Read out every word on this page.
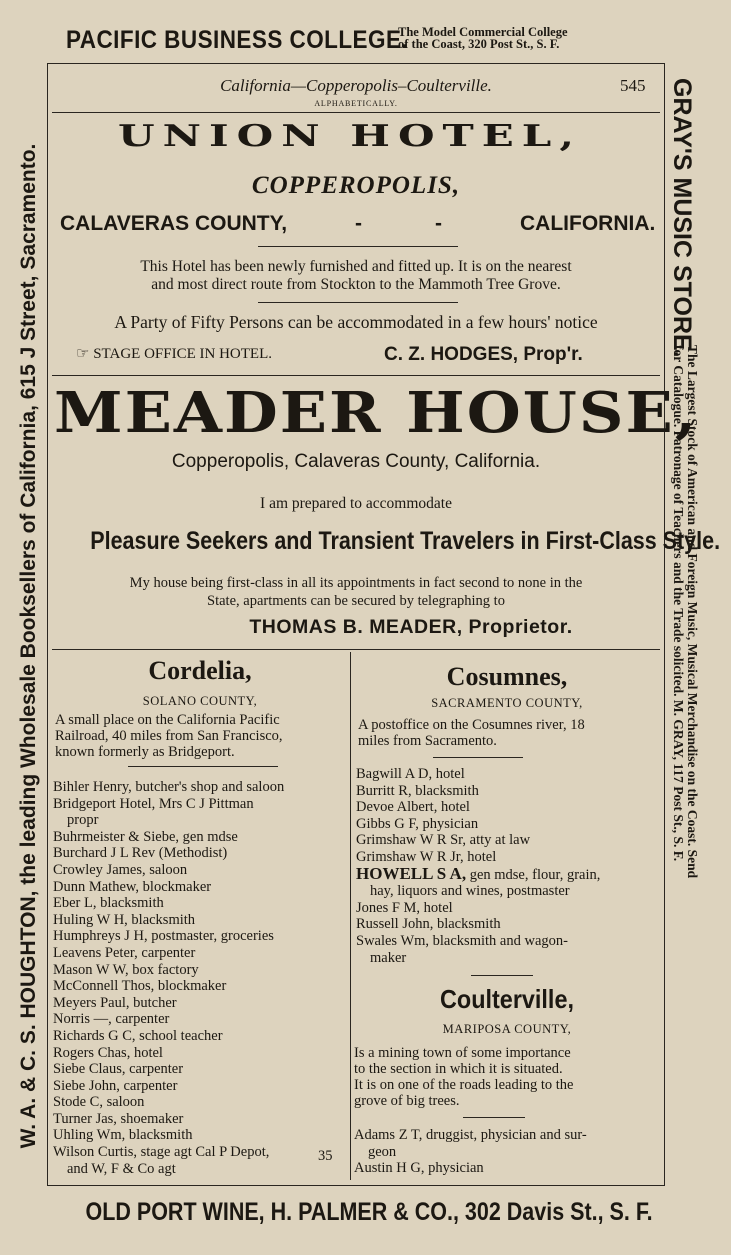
PACIFIC BUSINESS COLLEGE.
The Model Commercial College
of the Coast, 320 Post St., S. F.
W. A. & C. S. HOUGHTON, the leading Wholesale Booksellers of California, 615 J Street, Sacramento.	GRAY'S MUSIC STORE.
The Largest Stock of American and Foreign Music, Musical Merchandise on the Coast. Send
for Catalogue. Patronage of Teachers and the Trade solicited. M. GRAY, 117 Post St., S. F.
California—Copperopolis–Coulterville.	545
ALPHABETICALLY.
UNION HOTEL,
COPPEROPOLIS,
CALAVERAS COUNTY,	-	-	CALIFORNIA.
This Hotel has been newly furnished and fitted up. It is on the nearest
and most direct route from Stockton to the Mammoth Tree Grove.
A Party of Fifty Persons can be accommodated in a few hours' notice
☞ STAGE OFFICE IN HOTEL.	C. Z. HODGES, Prop'r.
MEADER HOUSE,
Copperopolis, Calaveras County, California.
I am prepared to accommodate
Pleasure Seekers and Transient Travelers in First-Class Style.
My house being first-class in all its appointments in fact second to none in the
State, apartments can be secured by telegraphing to
THOMAS B. MEADER, Proprietor.
Cordelia,
SOLANO COUNTY,
A small place on the California Pacific
Railroad, 40 miles from San Francisco,
known formerly as Bridgeport.
Bihler Henry, butcher's shop and saloon
Bridgeport Hotel, Mrs C J Pittman
propr
Buhrmeister & Siebe, gen mdse
Burchard J L Rev (Methodist)
Crowley James, saloon
Dunn Mathew, blockmaker
Eber L, blacksmith
Huling W H, blacksmith
Humphreys J H, postmaster, groceries
Leavens Peter, carpenter
Mason W W, box factory
McConnell Thos, blockmaker
Meyers Paul, butcher
Norris —, carpenter
Richards G C, school teacher
Rogers Chas, hotel
Siebe Claus, carpenter
Siebe John, carpenter
Stode C, saloon
Turner Jas, shoemaker
Uhling Wm, blacksmith
Wilson Curtis, stage agt Cal P Depot,
and W, F & Co agt
Cosumnes,
SACRAMENTO COUNTY,
A postoffice on the Cosumnes river, 18
miles from Sacramento.
Bagwill A D, hotel
Burritt R, blacksmith
Devoe Albert, hotel
Gibbs G F, physician
Grimshaw W R Sr, atty at law
Grimshaw W R Jr, hotel
HOWELL S A, gen mdse, flour, grain,
hay, liquors and wines, postmaster
Jones F M, hotel
Russell John, blacksmith
Swales Wm, blacksmith and wagon-
maker
Coulterville,
MARIPOSA COUNTY,
Is a mining town of some importance
to the section in which it is situated.
It is on one of the roads leading to the
grove of big trees.
Adams Z T, druggist, physician and sur-
geon
Austin H G, physician
35
OLD PORT WINE, H. PALMER & CO., 302 Davis St., S. F.
